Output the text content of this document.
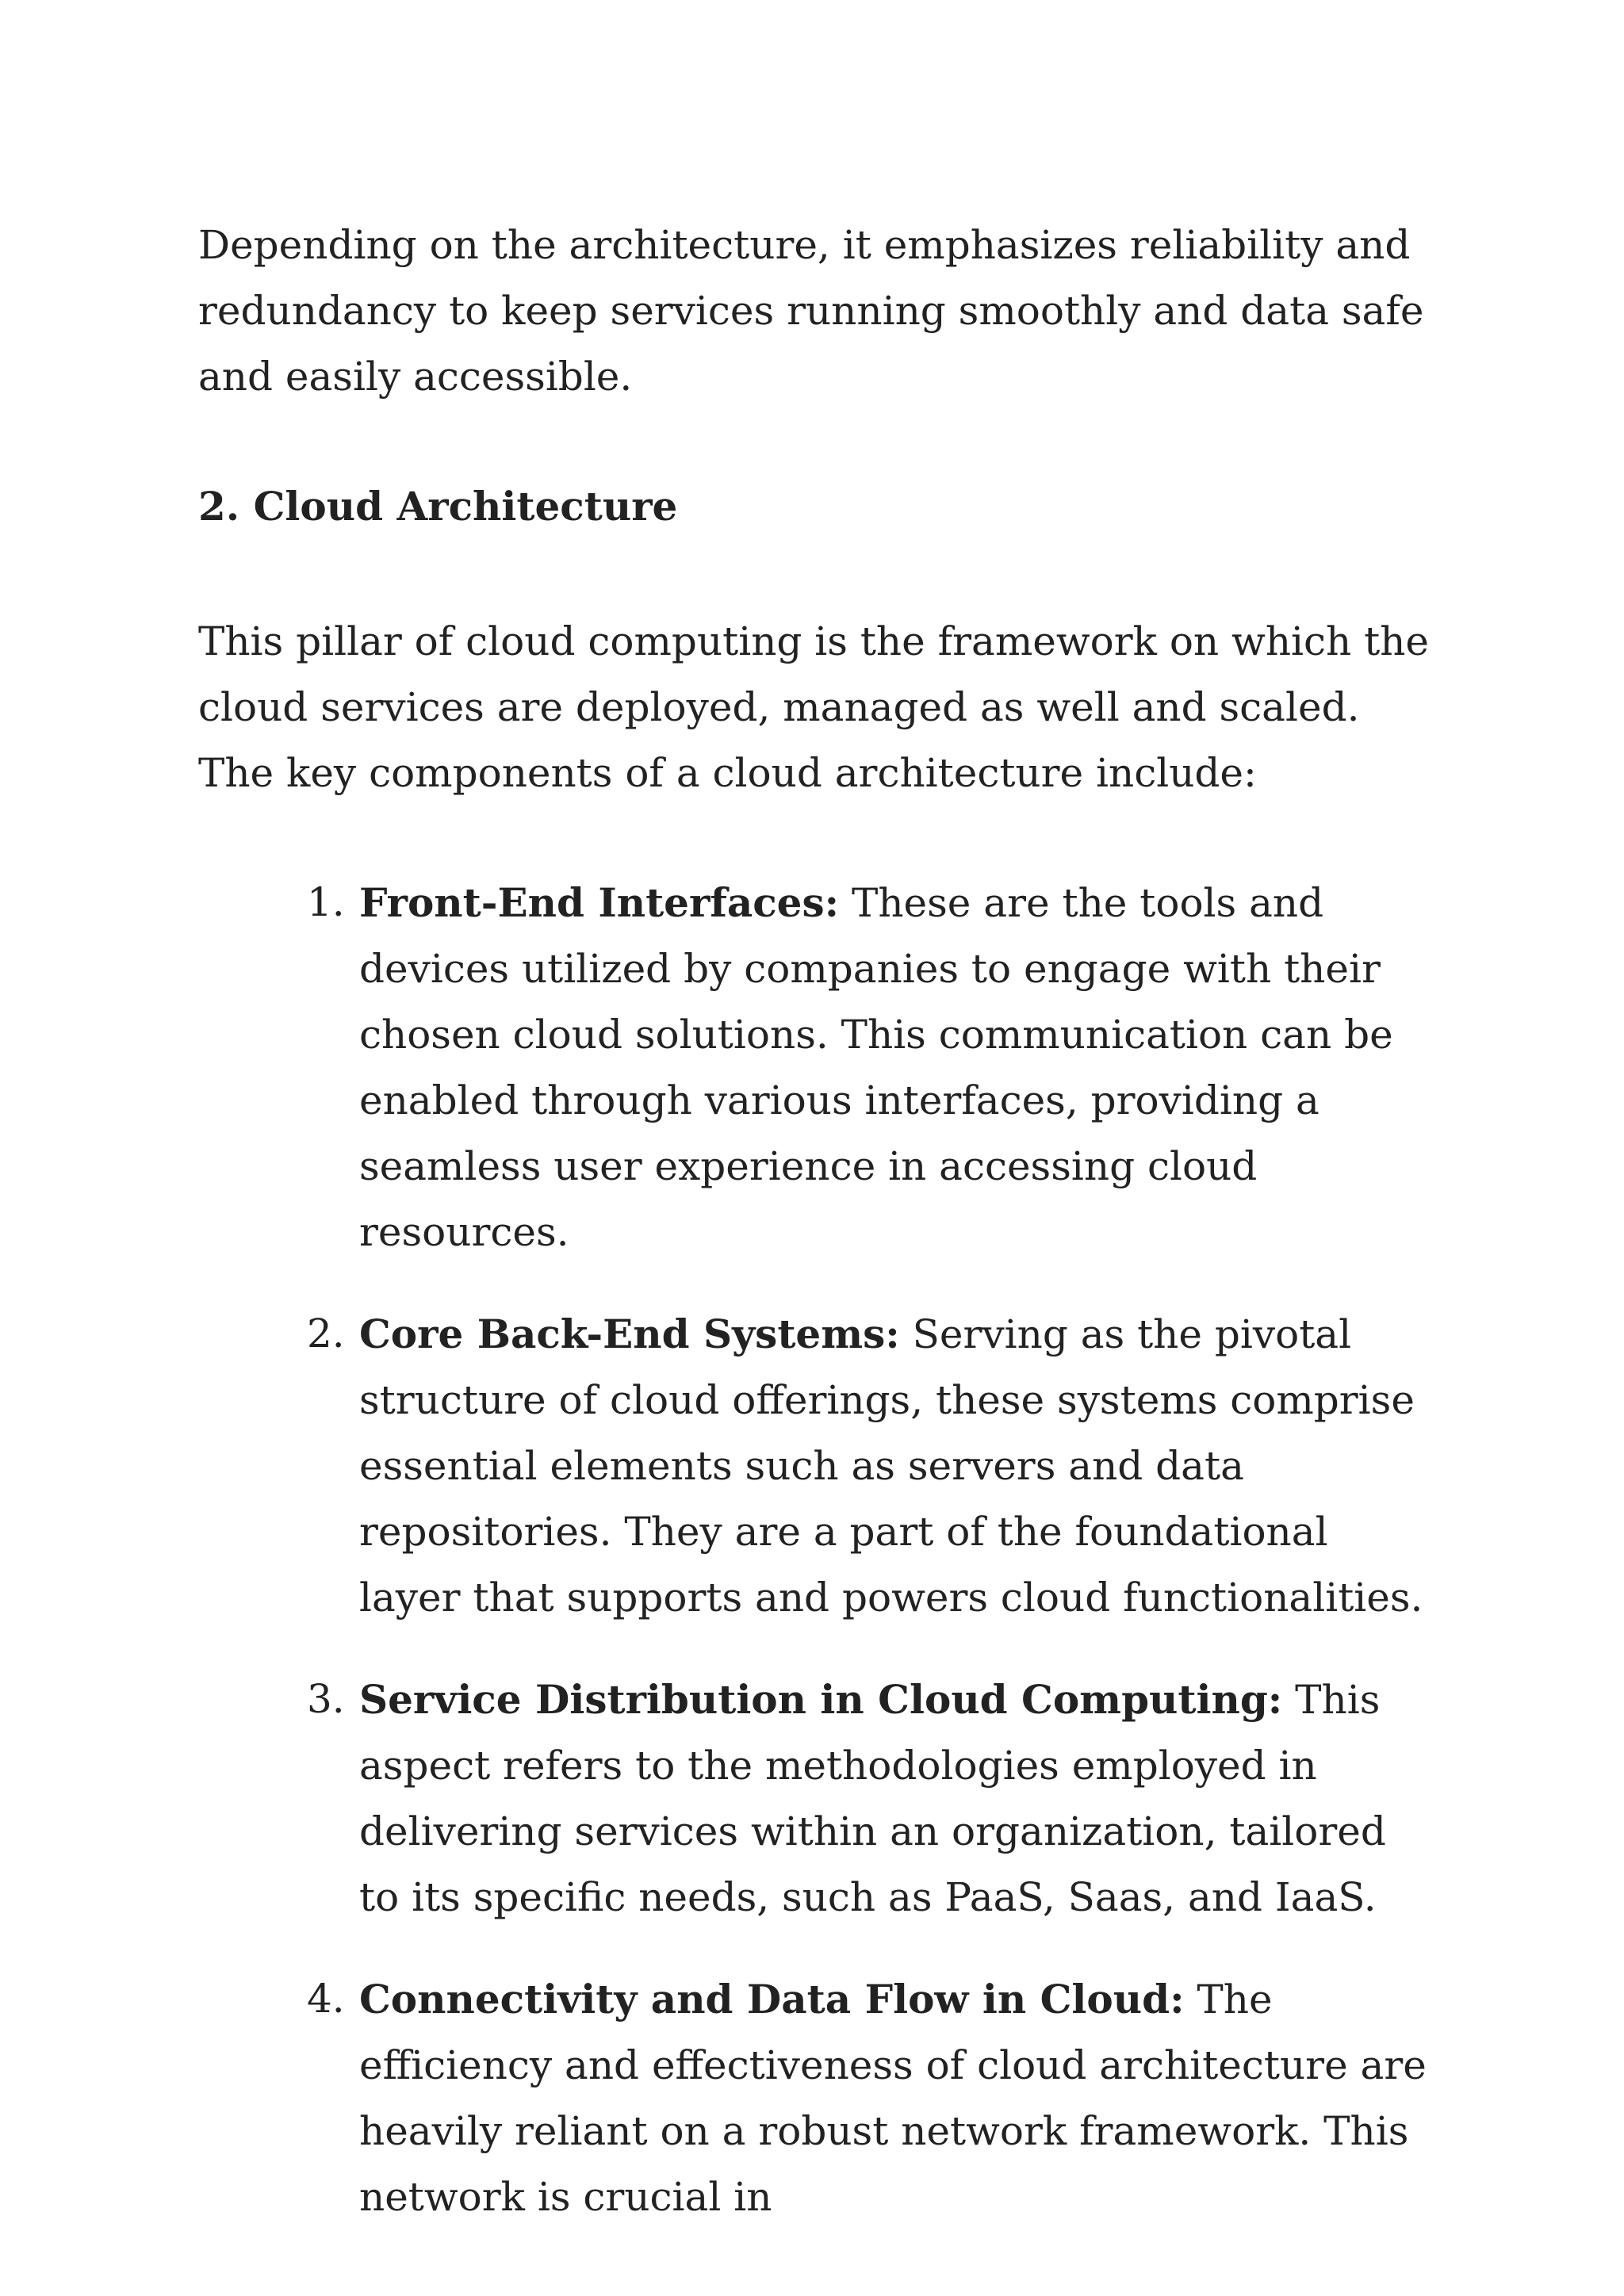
Depending on the architecture, it emphasizes reliability and redundancy to keep services running smoothly and data safe and easily accessible.

2. Cloud Architecture

This pillar of cloud computing is the framework on which the cloud services are deployed, managed as well and scaled. The key components of a cloud architecture include:

1. Front-End Interfaces: These are the tools and devices utilized by companies to engage with their chosen cloud solutions. This communication can be enabled through various interfaces, providing a seamless user experience in accessing cloud resources.
2. Core Back-End Systems: Serving as the pivotal structure of cloud offerings, these systems comprise essential elements such as servers and data repositories. They are a part of the foundational layer that supports and powers cloud functionalities.
3. Service Distribution in Cloud Computing: This aspect refers to the methodologies employed in delivering services within an organization, tailored to its specific needs, such as PaaS, Saas, and IaaS.
4. Connectivity and Data Flow in Cloud: The efficiency and effectiveness of cloud architecture are heavily reliant on a robust network framework. This network is crucial in
